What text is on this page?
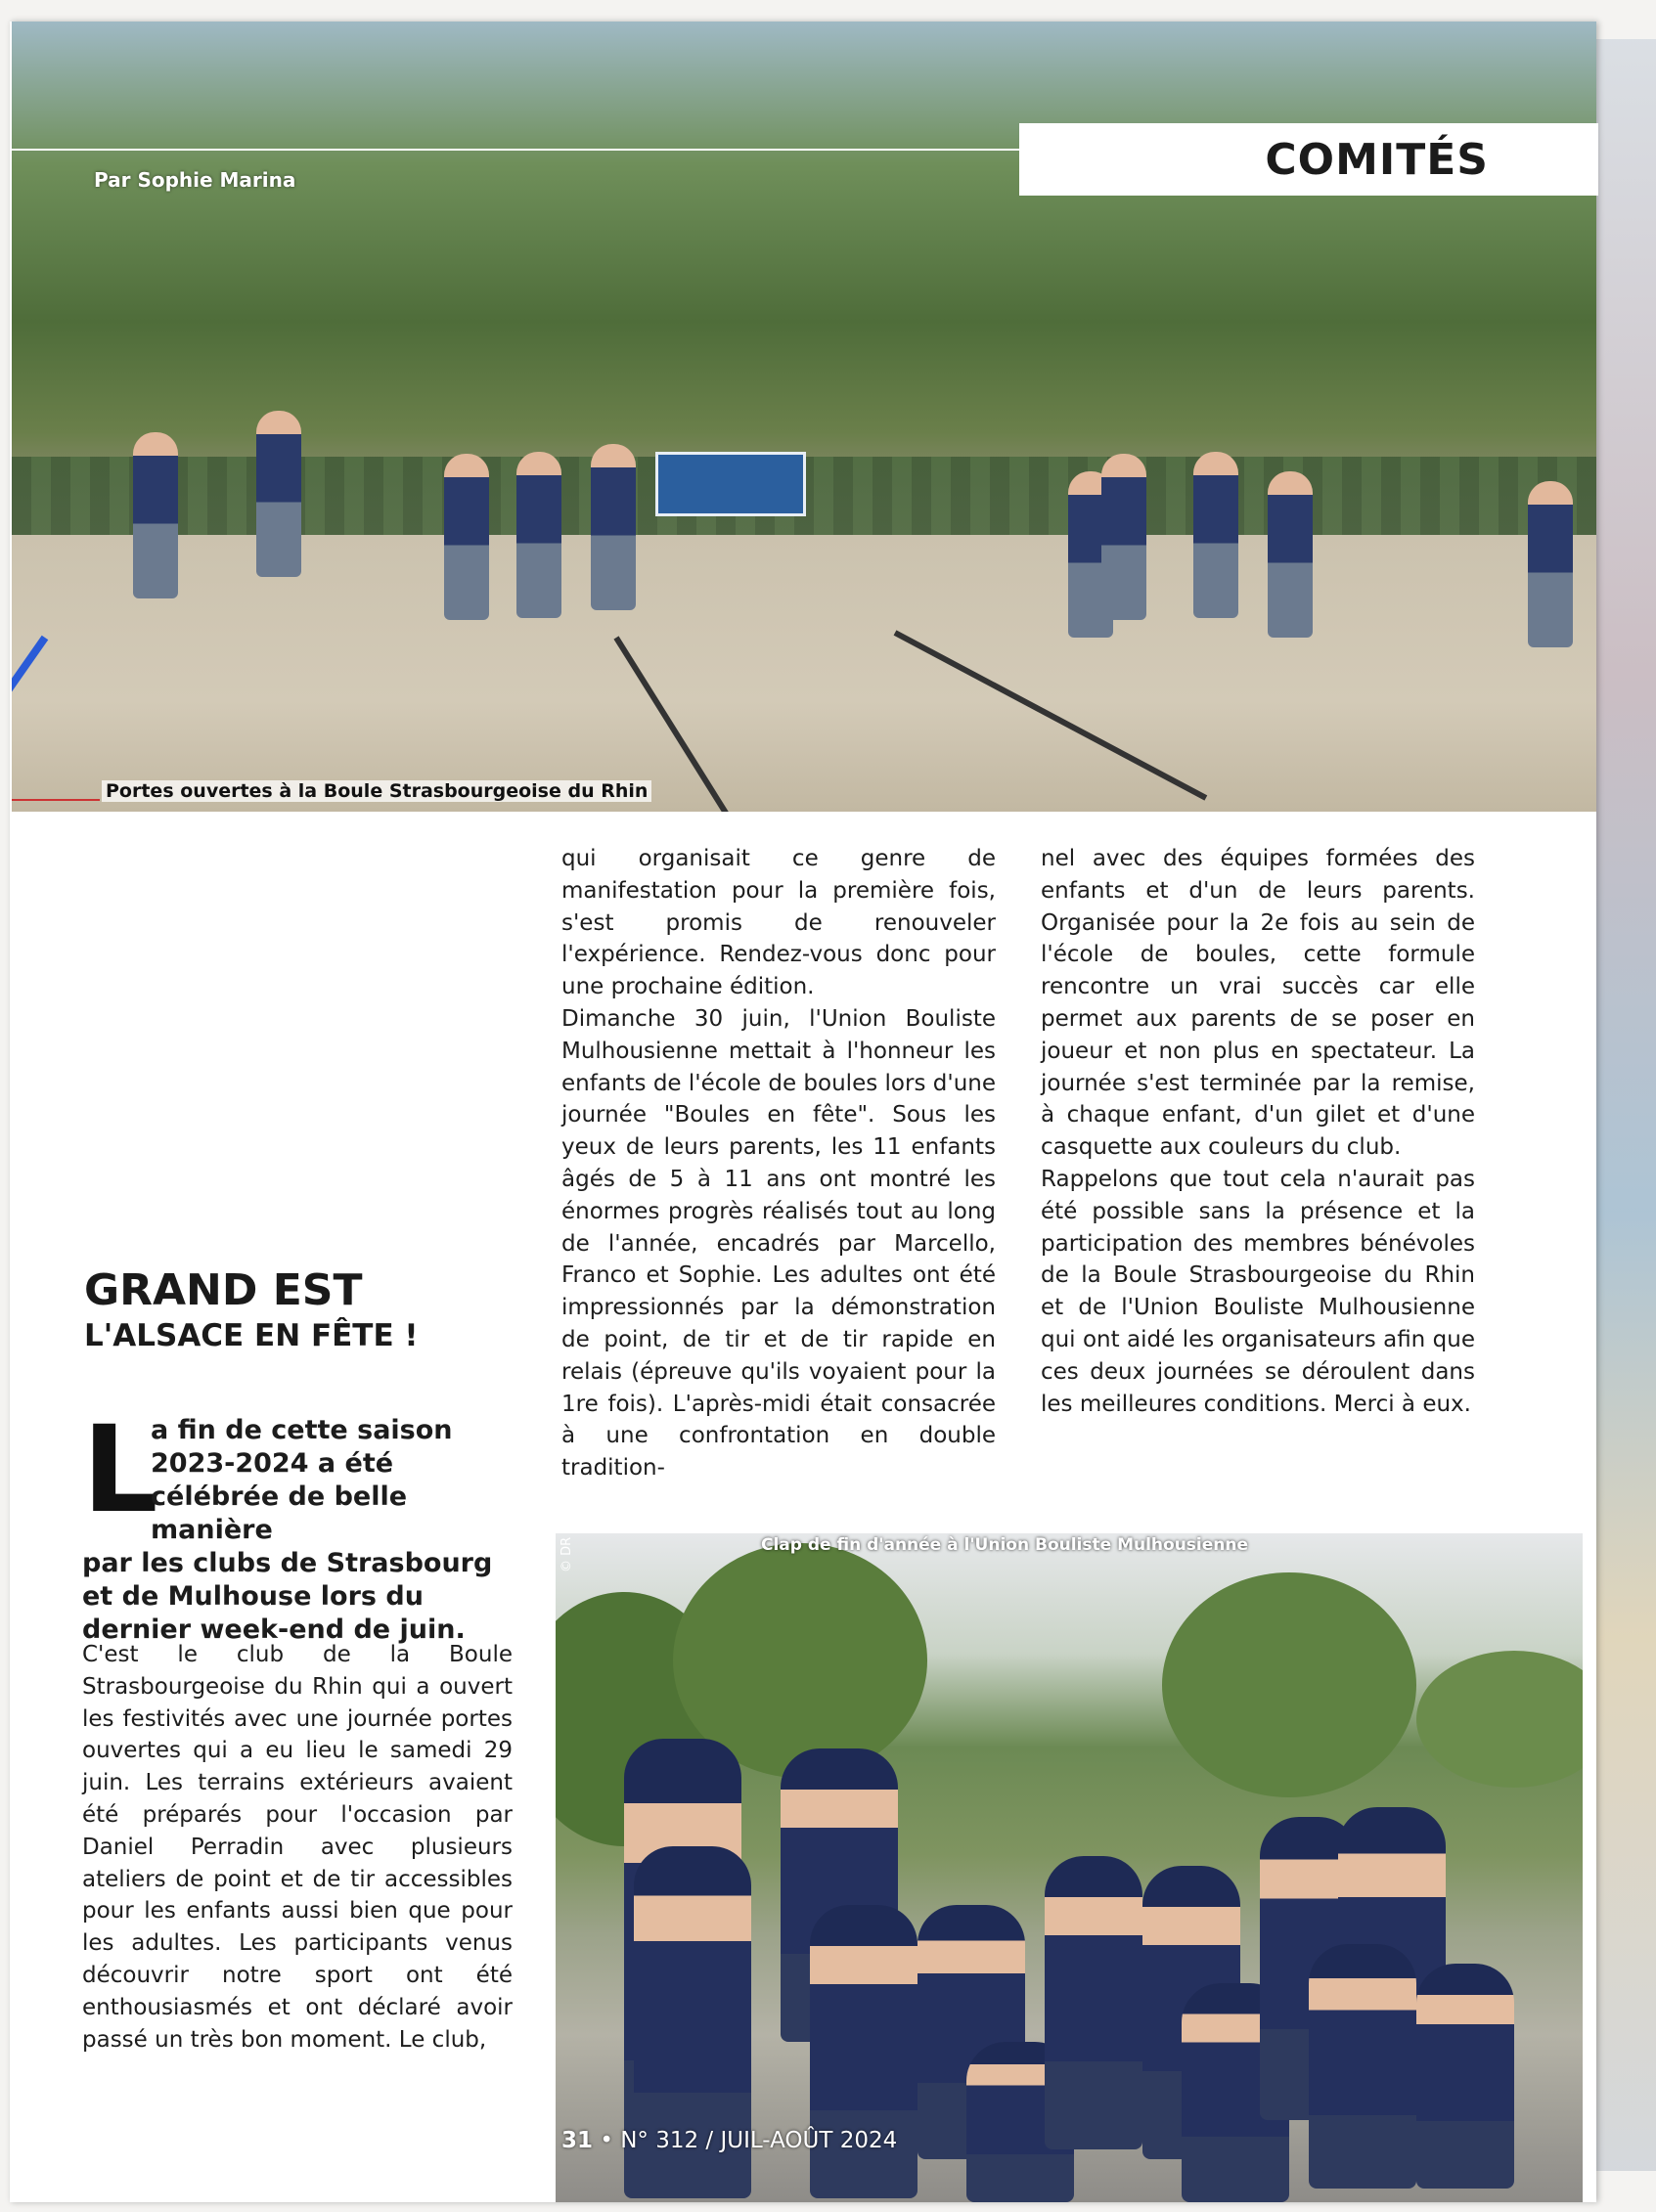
COMITÉS
Par Sophie Marina
Portes ouvertes à la Boule Strasbourgeoise du Rhin
GRAND EST
L'ALSACE EN FÊTE !
L
a fin de cette saison 2023-2024 a été célébrée de belle manière
par les clubs de Strasbourg et de Mulhouse lors du dernier week-end de juin.

C'est le club de la Boule Strasbourgeoise du Rhin qui a ouvert les festivités avec une journée portes ouvertes qui a eu lieu le samedi 29 juin. Les terrains extérieurs avaient été préparés pour l'occasion par Daniel Perradin avec plusieurs ateliers de point et de tir accessibles pour les enfants aussi bien que pour les adultes. Les participants venus découvrir notre sport ont été enthousiasmés et ont déclaré avoir passé un très bon moment. Le club,

qui organisait ce genre de manifestation pour la première fois, s'est promis de renouveler l'expérience. Rendez-vous donc pour une prochaine édition.

Dimanche 30 juin, l'Union Bouliste Mulhousienne mettait à l'honneur les enfants de l'école de boules lors d'une journée "Boules en fête". Sous les yeux de leurs parents, les 11 enfants âgés de 5 à 11 ans ont montré les énormes progrès réalisés tout au long de l'année, encadrés par Marcello, Franco et Sophie. Les adultes ont été impressionnés par la démonstration de point, de tir et de tir rapide en relais (épreuve qu'ils voyaient pour la 1re fois). L'après-midi était consacrée à une confrontation en double tradition-

nel avec des équipes formées des enfants et d'un de leurs parents. Organisée pour la 2e fois au sein de l'école de boules, cette formule rencontre un vrai succès car elle permet aux parents de se poser en joueur et non plus en spectateur. La journée s'est terminée par la remise, à chaque enfant, d'un gilet et d'une casquette aux couleurs du club.

Rappelons que tout cela n'aurait pas été possible sans la présence et la participation des membres bénévoles de la Boule Strasbourgeoise du Rhin et de l'Union Bouliste Mulhousienne qui ont aidé les organisateurs afin que ces deux journées se déroulent dans les meilleures conditions. Merci à eux.

Clap de fin d'année à l'Union Bouliste Mulhousienne
© DR
31 • N° 312 / JUIL-AOÛT 2024
